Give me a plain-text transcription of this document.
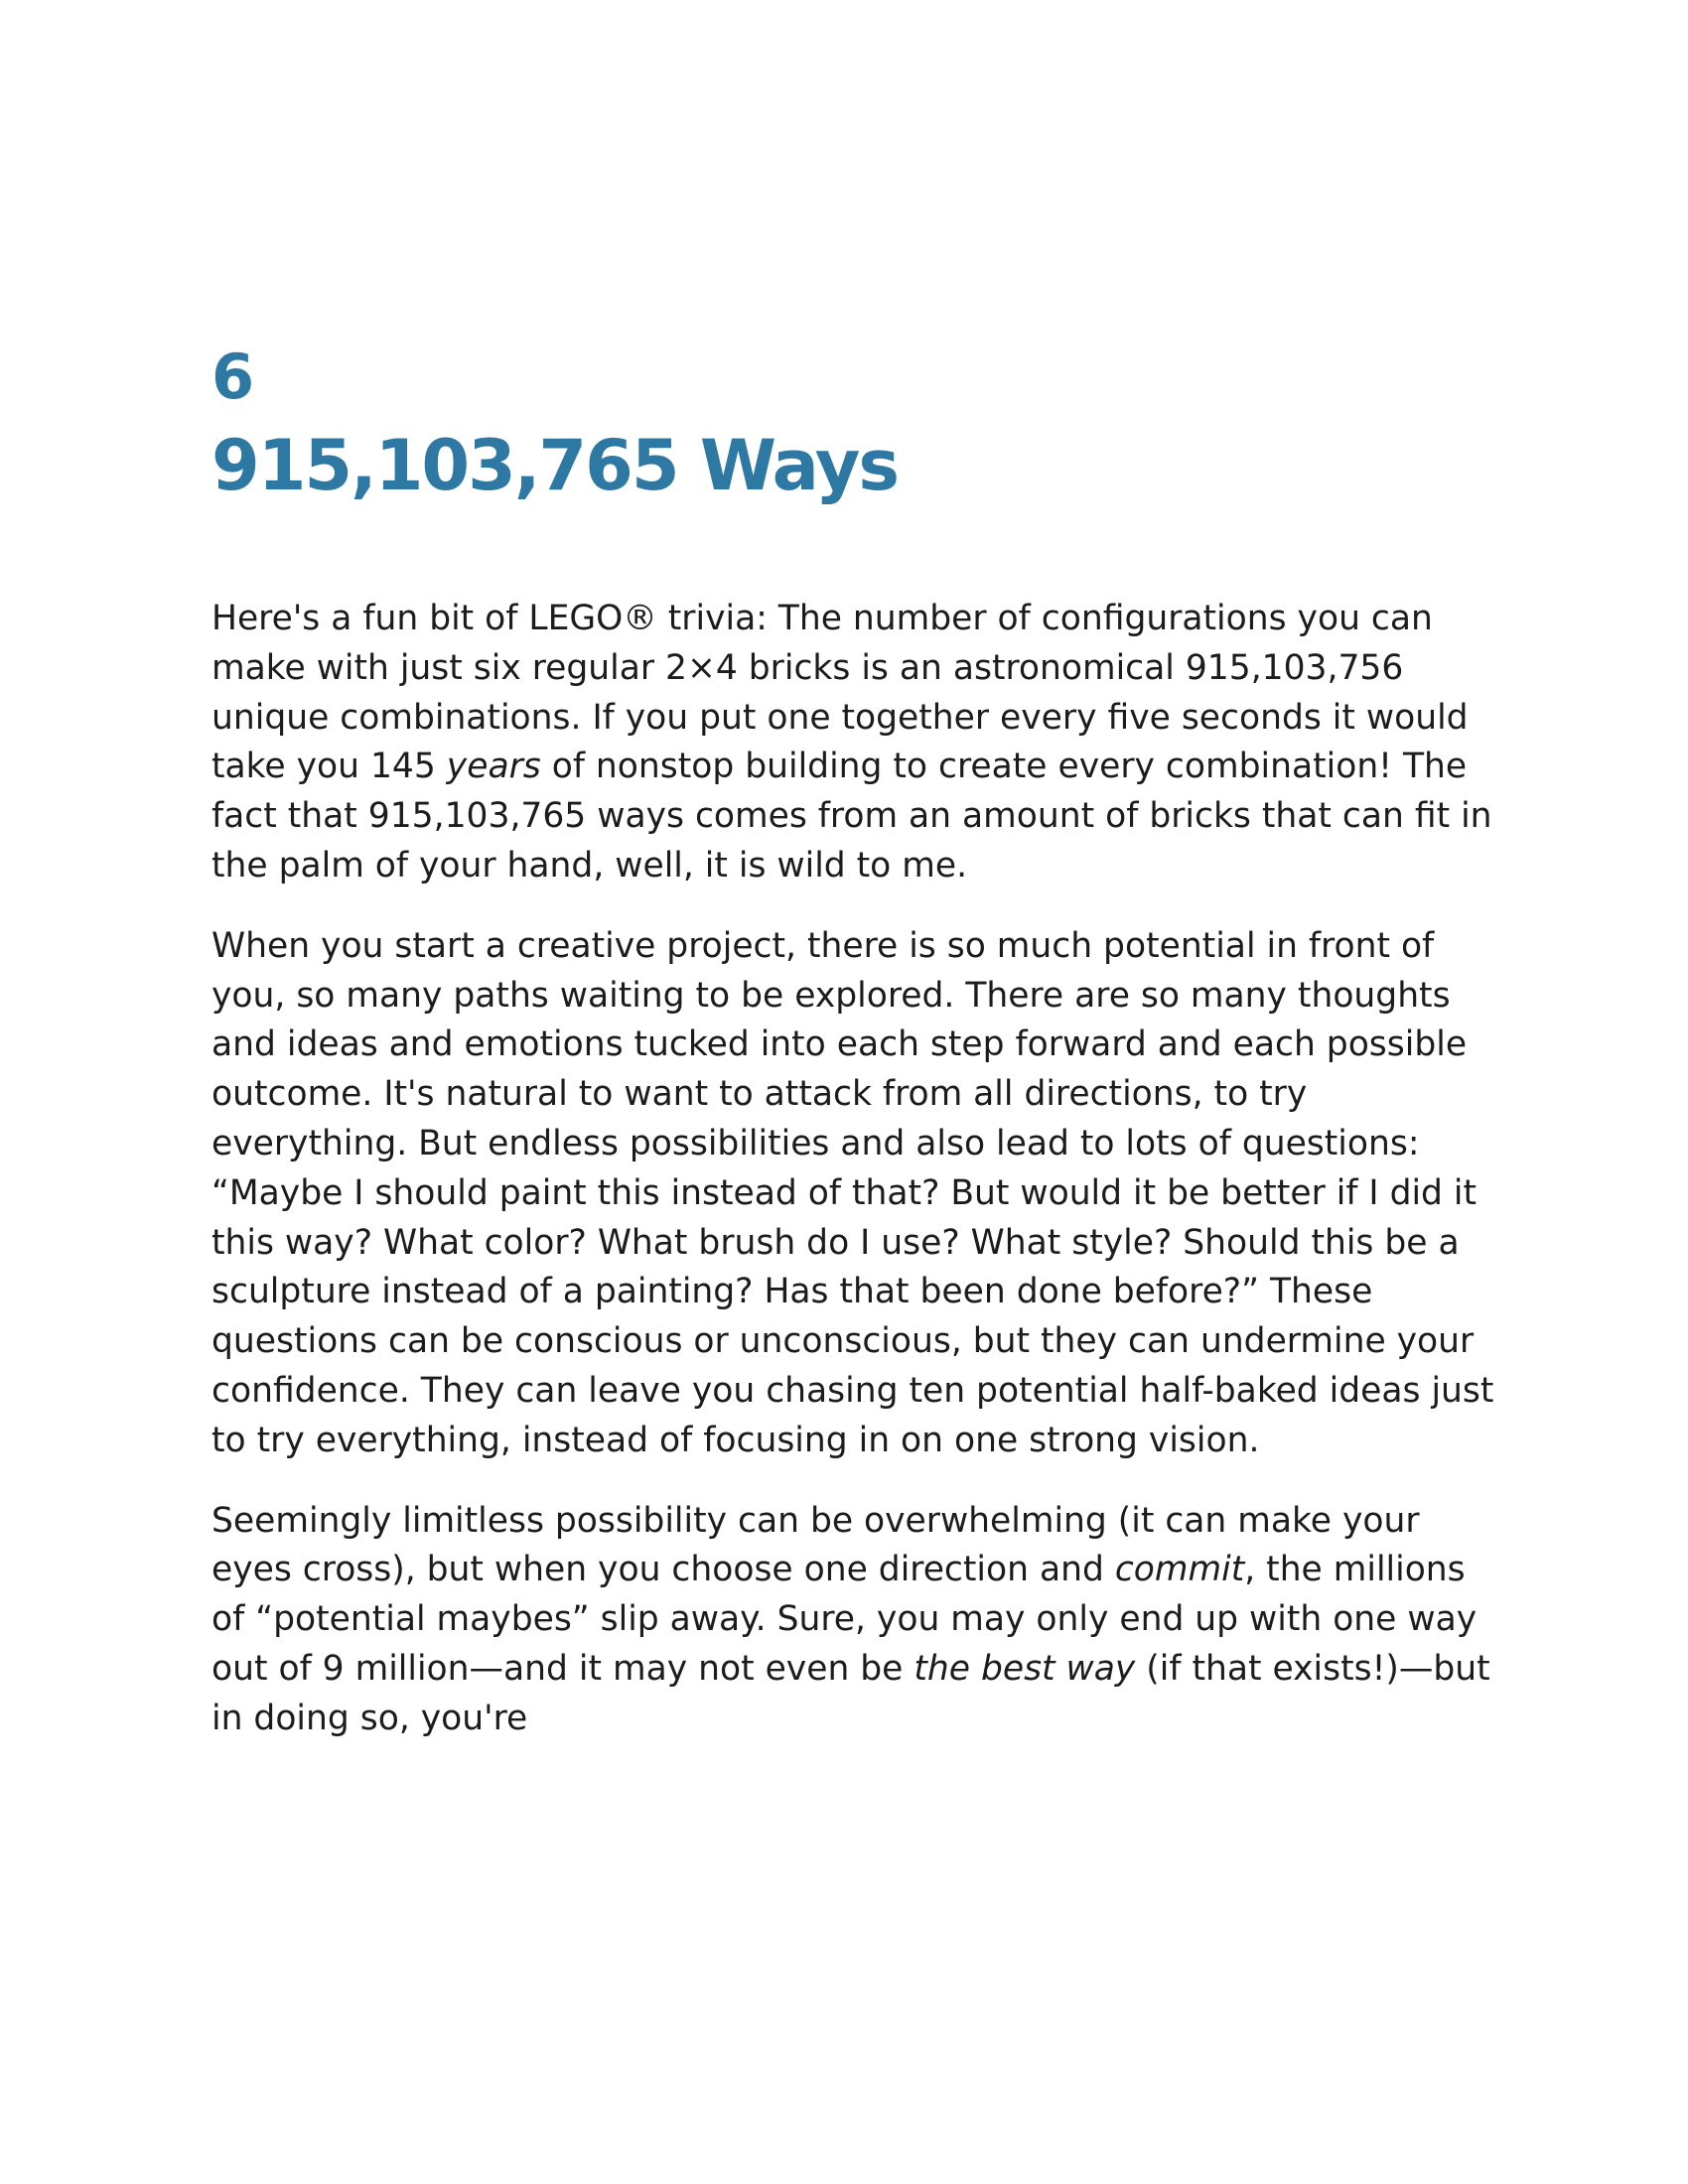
6
915,103,765 Ways

Here's a fun bit of LEGO® trivia: The number of configurations you can make with just six regular 2×4 bricks is an astronomical 915,103,756 unique combinations. If you put one together every five seconds it would take you 145 years of nonstop building to create every combination! The fact that 915,103,765 ways comes from an amount of bricks that can fit in the palm of your hand, well, it is wild to me.

When you start a creative project, there is so much potential in front of you, so many paths waiting to be explored. There are so many thoughts and ideas and emotions tucked into each step forward and each possible outcome. It's natural to want to attack from all directions, to try everything. But endless possibilities and also lead to lots of questions: “Maybe I should paint this instead of that? But would it be better if I did it this way? What color? What brush do I use? What style? Should this be a sculpture instead of a painting? Has that been done before?” These questions can be conscious or unconscious, but they can undermine your confidence. They can leave you chasing ten potential half-baked ideas just to try everything, instead of focusing in on one strong vision.

Seemingly limitless possibility can be overwhelming (it can make your eyes cross), but when you choose one direction and commit, the millions of “potential maybes” slip away. Sure, you may only end up with one way out of 9 million—and it may not even be the best way (if that exists!)—but in doing so, you're
